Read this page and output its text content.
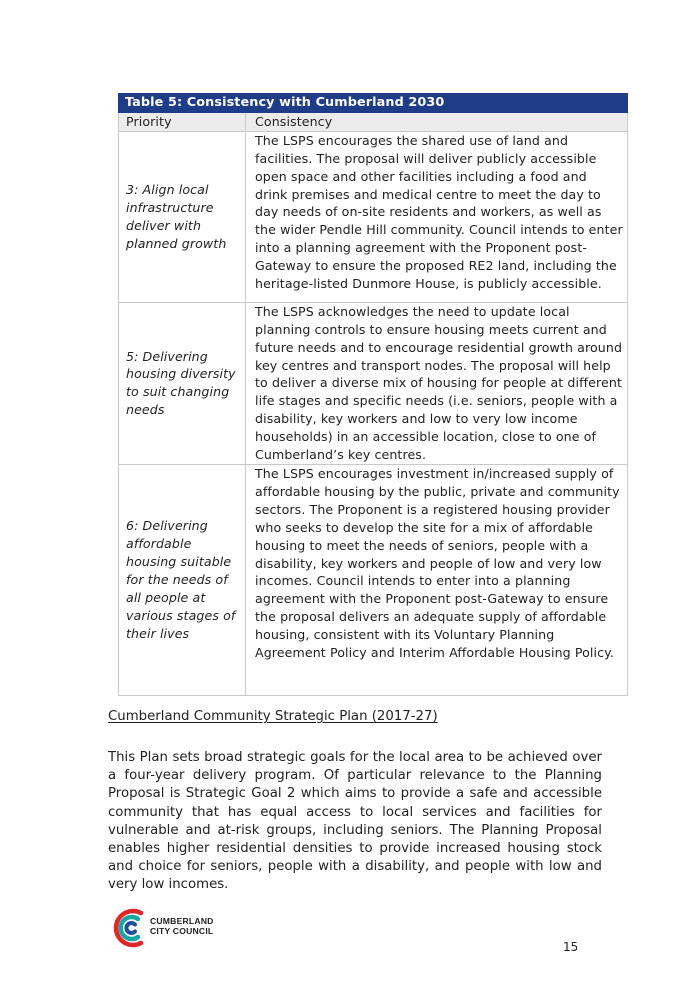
Table 5: Consistency with Cumberland 2030	
Priority	Consistency
3: Align local infrastructure deliver with planned growth	The LSPS encourages the shared use of land and facilities. The proposal will deliver publicly accessible open space and other facilities including a food and drink premises and medical centre to meet the day to day needs of on-site residents and workers, as well as the wider Pendle Hill community. Council intends to enter into a planning agreement with the Proponent post-Gateway to ensure the proposed RE2 land, including the heritage-listed Dunmore House, is publicly accessible.
5: Delivering housing diversity to suit changing needs	The LSPS acknowledges the need to update local planning controls to ensure housing meets current and future needs and to encourage residential growth around key centres and transport nodes. The proposal will help to deliver a diverse mix of housing for people at different life stages and specific needs (i.e. seniors, people with a disability, key workers and low to very low income households) in an accessible location, close to one of Cumberland’s key centres.
6: Delivering affordable housing suitable for the needs of all people at various stages of their lives	The LSPS encourages investment in/increased supply of affordable housing by the public, private and community sectors. The Proponent is a registered housing provider who seeks to develop the site for a mix of affordable housing to meet the needs of seniors, people with a disability, key workers and people of low and very low incomes. Council intends to enter into a planning agreement with the Proponent post-Gateway to ensure the proposal delivers an adequate supply of affordable housing, consistent with its Voluntary Planning Agreement Policy and Interim Affordable Housing Policy.
Cumberland Community Strategic Plan (2017-27)

This Plan sets broad strategic goals for the local area to be achieved over a four-year delivery program. Of particular relevance to the Planning Proposal is Strategic Goal 2 which aims to provide a safe and accessible community that has equal access to local services and facilities for vulnerable and at-risk groups, including seniors. The Planning Proposal enables higher residential densities to provide increased housing stock and choice for seniors, people with a disability, and people with low and very low incomes.

CUMBERLAND
CITY COUNCIL
15
